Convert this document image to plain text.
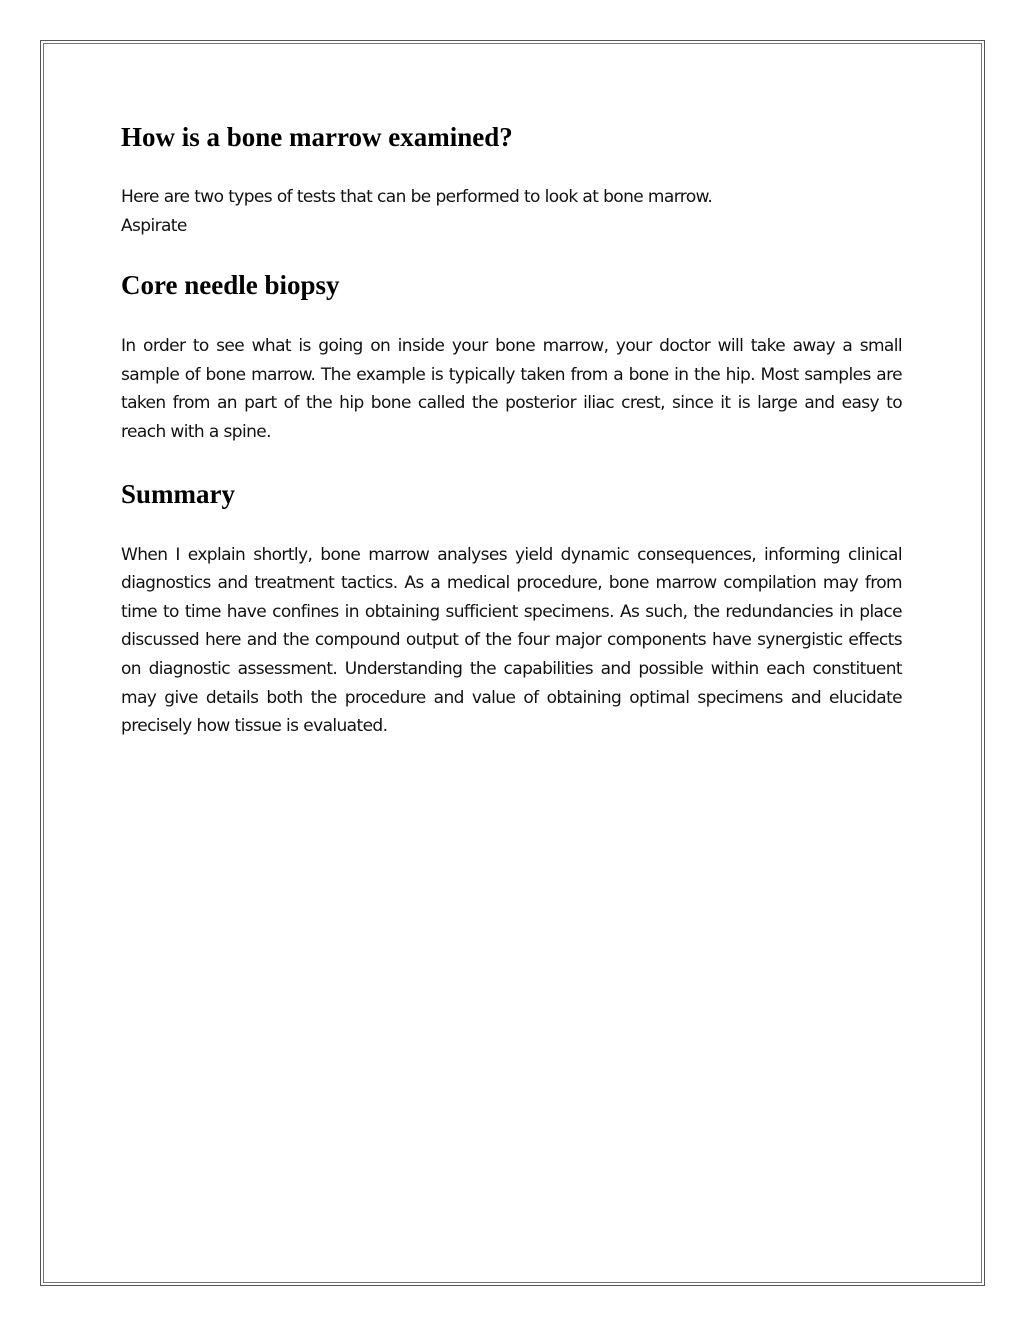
How is a bone marrow examined?

Here are two types of tests that can be performed to look at bone marrow.
Aspirate

Core needle biopsy

In order to see what is going on inside your bone marrow, your doctor will take away a small sample of bone marrow. The example is typically taken from a bone in the hip. Most samples are taken from an part of the hip bone called the posterior iliac crest, since it is large and easy to reach with a spine.

Summary

When I explain shortly, bone marrow analyses yield dynamic consequences, informing clinical diagnostics and treatment tactics. As a medical procedure, bone marrow compilation may from time to time have confines in obtaining sufficient specimens. As such, the redundancies in place discussed here and the compound output of the four major components have synergistic effects on diagnostic assessment. Understanding the capabilities and possible within each constituent may give details both the procedure and value of obtaining optimal specimens and elucidate precisely how tissue is evaluated.
